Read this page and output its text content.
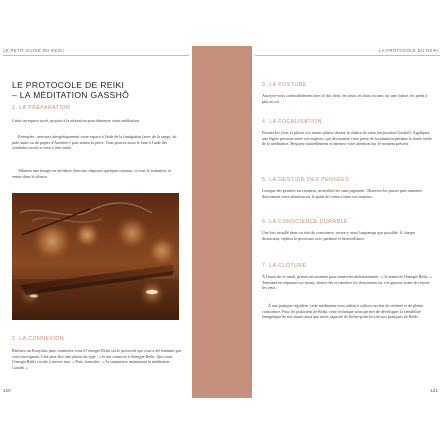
LE PETIT GUIDE DU REIKI
LE PROTOCOLE DE REIKI
– LA MÉDITATION GASSHÔ
1. LA PRÉPARATION
Créez un espace sacré, propice à la relaxation pour démarrer votre méditation.
Exemples : nettoyez énergétiquement votre espace à l'aide de la fumigation (avec de la sauge, du palo santo ou du papier d'Arménie), puis sentez la pièce. Vous pouvez aussi le faire à l'aide des symboles sacrés si vous y êtes initié.
Allumez une bougie ou un bâton d'encens, disposez quelques cristaux, si vous le souhaitez, et entrez dans le silence.
2. LA CONNEXION
Réalisez un Kenyoku, puis connectez-vous à l'énergie Reiki via le protocole qui vous a été transmis par votre enseignant. Cela peut être une phrase du type : « Je me connecte à l'énergie Reiki. Que toute l'énergie Reiki circule à travers moi. » Puis, formulez : « Je commence maintenant la méditation Gasshô. »
120
LA PROTOCOLE DU REIKI
3. LA POSTURE
Asseyez-vous confortablement avec le dos droit, en seiza, en lotus ou sans sur une chaise, les pieds à plat au sol.
4. LA FOCALISATION
Fermez les yeux et placez vos mains jointes devant le chakra du cœur (en position Gasshô). Appliquez une légère pression entre vos majeurs, qui deviennent votre point de focalisation pendant la durée totale de la méditation. Respirez naturellement et amenez votre attention sur le moment présent.
5. LA GESTION DES PENSÉES
Lorsque des pensées surviennent, accueillez-les sans jugement. Observez-les passer puis ramenez doucement votre attention sur le point de contact entre vos majeurs.
6. LA CONSCIENCE DURABLE
Une fois installé dans cet état de conscience, restez-y aussi longtemps que possible. À chaque distraction, répétez le processus avec patience et bienveillance.
7. LA CLÔTURE
À l'issue de ce rituel, prenez un moment pour remercier intérieurement : « Je remercie l'énergie Reiki. » Terminez en séparant vos mains, frottez-les et remettez les doucement sur vos genoux avant de rouvrir les yeux.
À une pratique régulière, cette méditation vous aidera à cultiver un état de sérénité et de pleine conscience. Pour les praticiens de Reiki, cette technique nous permet de développer la sensibilité énergétique de nos mains ainsi que notre capacité de lâcher-prise lors de nos pratiques de Reiki.
121
